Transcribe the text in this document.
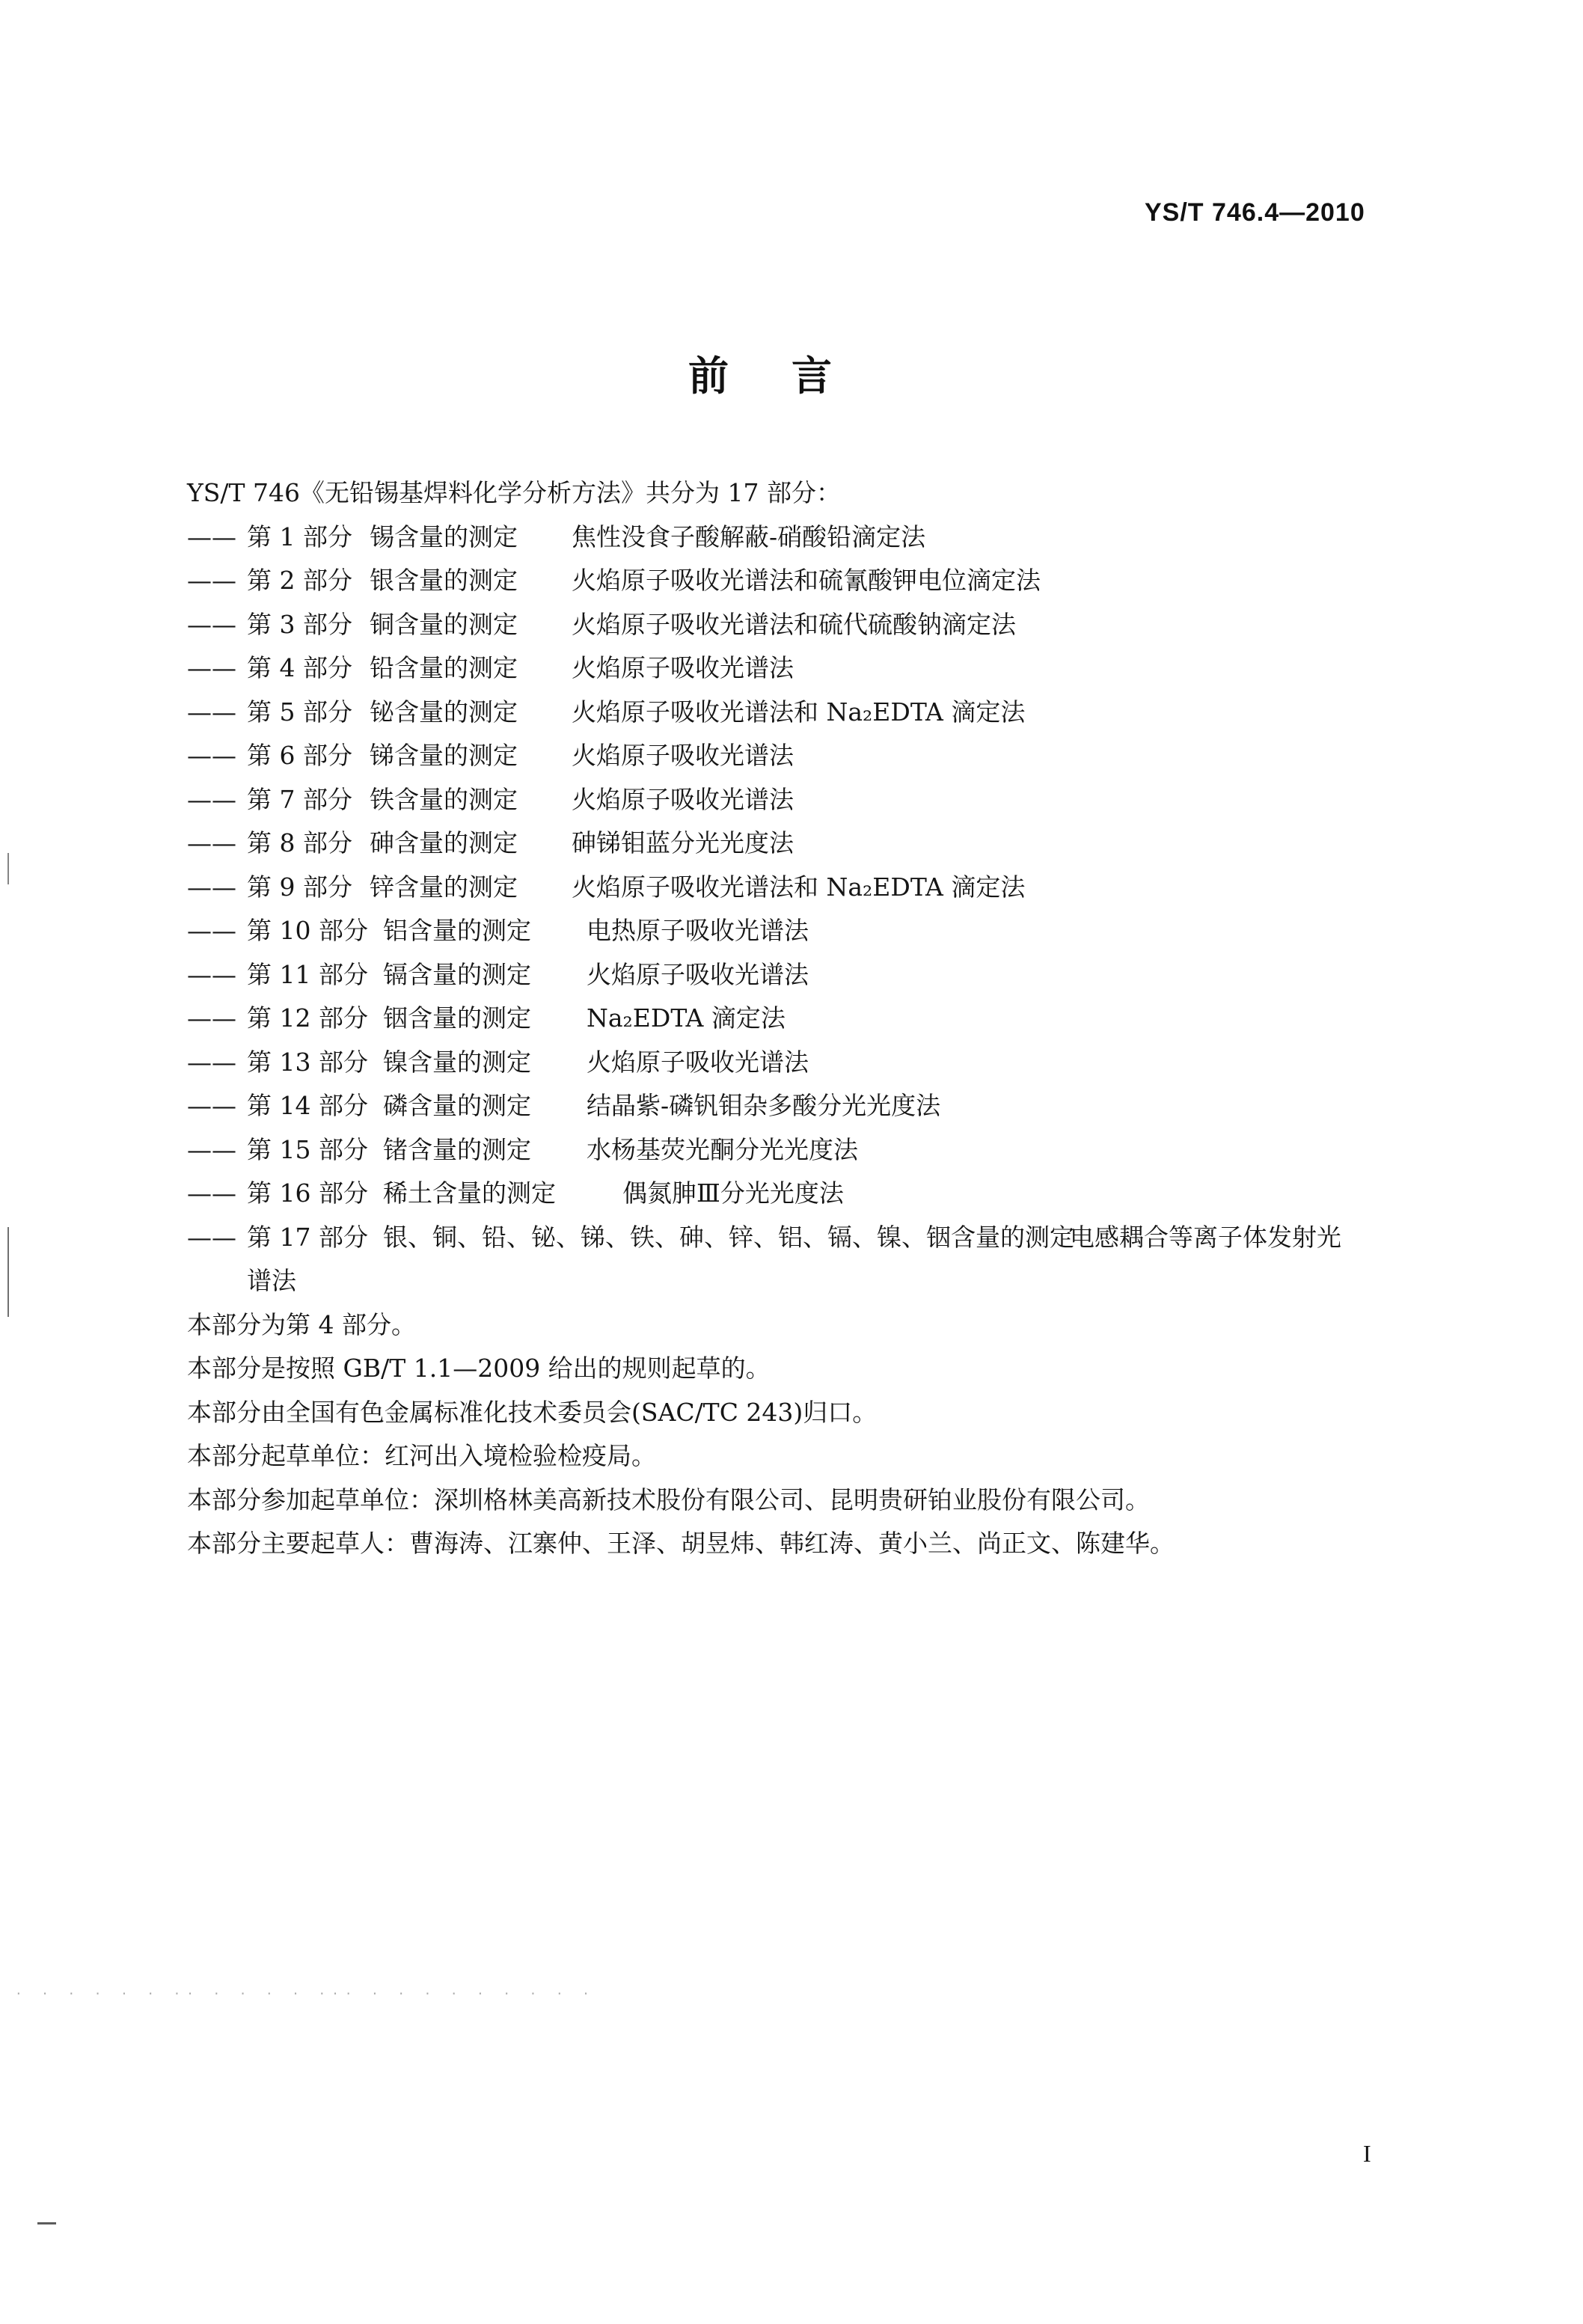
YS/T 746.4—2010
前言
YS/T 746《无铅锡基焊料化学分析方法》共分为 17 部分：
—— 第 1 部分 锡含量的测定	焦性没食子酸解蔽-硝酸铅滴定法
—— 第 2 部分 银含量的测定	火焰原子吸收光谱法和硫氰酸钾电位滴定法
—— 第 3 部分 铜含量的测定	火焰原子吸收光谱法和硫代硫酸钠滴定法
—— 第 4 部分 铅含量的测定	火焰原子吸收光谱法
—— 第 5 部分 铋含量的测定	火焰原子吸收光谱法和 Na₂EDTA 滴定法
—— 第 6 部分 锑含量的测定	火焰原子吸收光谱法
—— 第 7 部分 铁含量的测定	火焰原子吸收光谱法
—— 第 8 部分 砷含量的测定	砷锑钼蓝分光光度法
—— 第 9 部分 锌含量的测定	火焰原子吸收光谱法和 Na₂EDTA 滴定法
—— 第 10 部分 铝含量的测定	电热原子吸收光谱法
—— 第 11 部分 镉含量的测定	火焰原子吸收光谱法
—— 第 12 部分 铟含量的测定	Na₂EDTA 滴定法
—— 第 13 部分 镍含量的测定	火焰原子吸收光谱法
—— 第 14 部分 磷含量的测定	结晶紫-磷钒钼杂多酸分光光度法
—— 第 15 部分 锗含量的测定	水杨基荧光酮分光光度法
—— 第 16 部分 稀土含量的测定	偶氮胂Ⅲ分光光度法
—— 第 17 部分 银、铜、铅、铋、锑、铁、砷、锌、铝、镉、镍、铟含量的测定电感耦合等离子体发射光
谱法
本部分为第 4 部分。
本部分是按照 GB/T 1.1—2009 给出的规则起草的。
本部分由全国有色金属标准化技术委员会(SAC/TC 243)归口。
本部分起草单位：红河出入境检验检疫局。
本部分参加起草单位：深圳格林美高新技术股份有限公司、昆明贵研铂业股份有限公司。
本部分主要起草人：曹海涛、江寨仲、王泽、胡昱炜、韩红涛、黄小兰、尚正文、陈建华。
I
· · · · · · ·· · · · · ··· · · · · · · · · ·
